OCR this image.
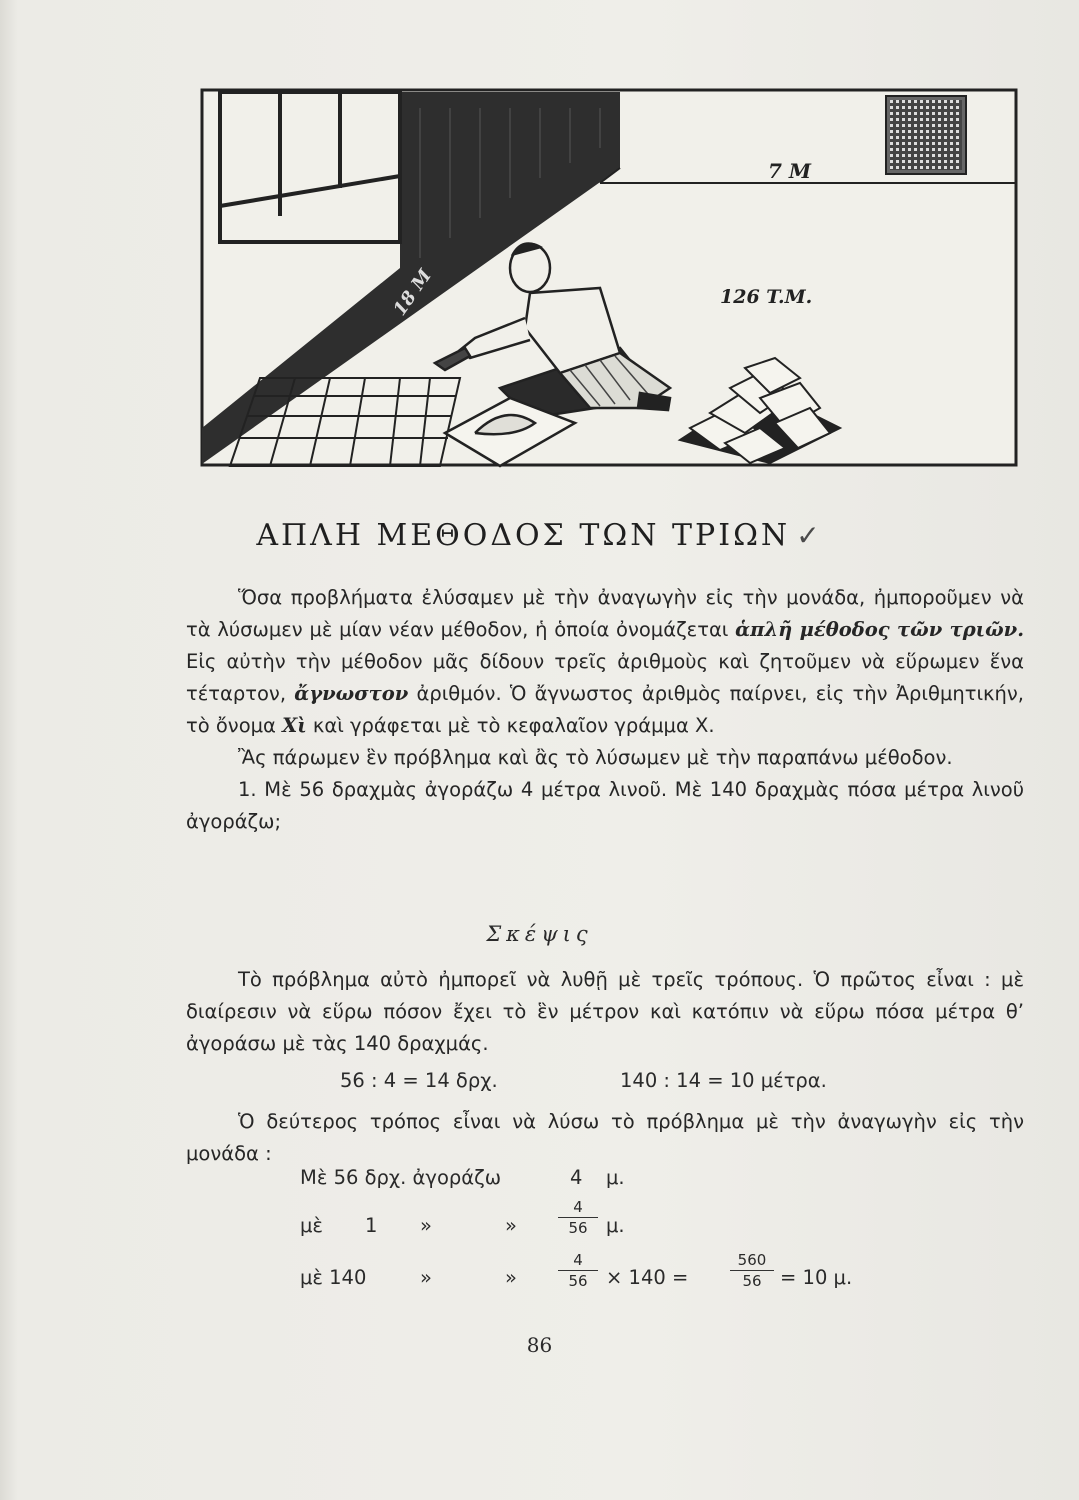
7 M
126 T.M.
18 M
ΑΠΛΗ ΜΕΘΟΔΟΣ ΤΩΝ ΤΡΙΩΝ ✓

Ὅσα προβλήματα ἐλύσαμεν μὲ τὴν ἀναγωγὴν εἰς τὴν μονάδα, ἠμποροῦμεν νὰ τὰ λύσωμεν μὲ μίαν νέαν μέθοδον, ἡ ὁποία ὀνομάζεται ἁπλῆ μέθοδος τῶν τριῶν. Εἰς αὐτὴν τὴν μέθοδον μᾶς δίδουν τρεῖς ἀριθμοὺς καὶ ζητοῦμεν νὰ εὕρωμεν ἕνα τέταρτον, ἄγνωστον ἀριθμόν. Ὁ ἄγνωστος ἀριθμὸς παίρνει, εἰς τὴν Ἀριθμητικήν, τὸ ὄνομα Χὶ καὶ γράφεται μὲ τὸ κεφαλαῖον γράμμα Χ.

Ἂς πάρωμεν ἓν πρόβλημα καὶ ἂς τὸ λύσωμεν μὲ τὴν παραπάνω μέθοδον.

1. Μὲ 56 δραχμὰς ἀγοράζω 4 μέτρα λινοῦ. Μὲ 140 δραχμὰς πόσα μέτρα λινοῦ ἀγοράζω;

Σκέψις

Τὸ πρόβλημα αὐτὸ ἠμπορεῖ νὰ λυθῇ μὲ τρεῖς τρόπους. Ὁ πρῶτος εἶναι : μὲ διαίρεσιν νὰ εὕρω πόσον ἔχει τὸ ἓν μέτρον καὶ κατόπιν νὰ εὕρω πόσα μέτρα θ’ ἀγοράσω μὲ τὰς 140 δραχμάς.

56 : 4 = 14 δρχ.	140 : 14 = 10 μέτρα.

Ὁ δεύτερος τρόπος εἶναι νὰ λύσω τὸ πρόβλημα μὲ τὴν ἀναγωγὴν εἰς τὴν μονάδα :

Μὲ 56 δρχ. ἀγοράζω	4 μ.
μὲ 1 »	»	$\frac{4}{56} \mu$.
μὲ 140	»	»	$\frac{4}{56} \times 140$ =	$\frac{560}{56} = 10$ μ.
86
